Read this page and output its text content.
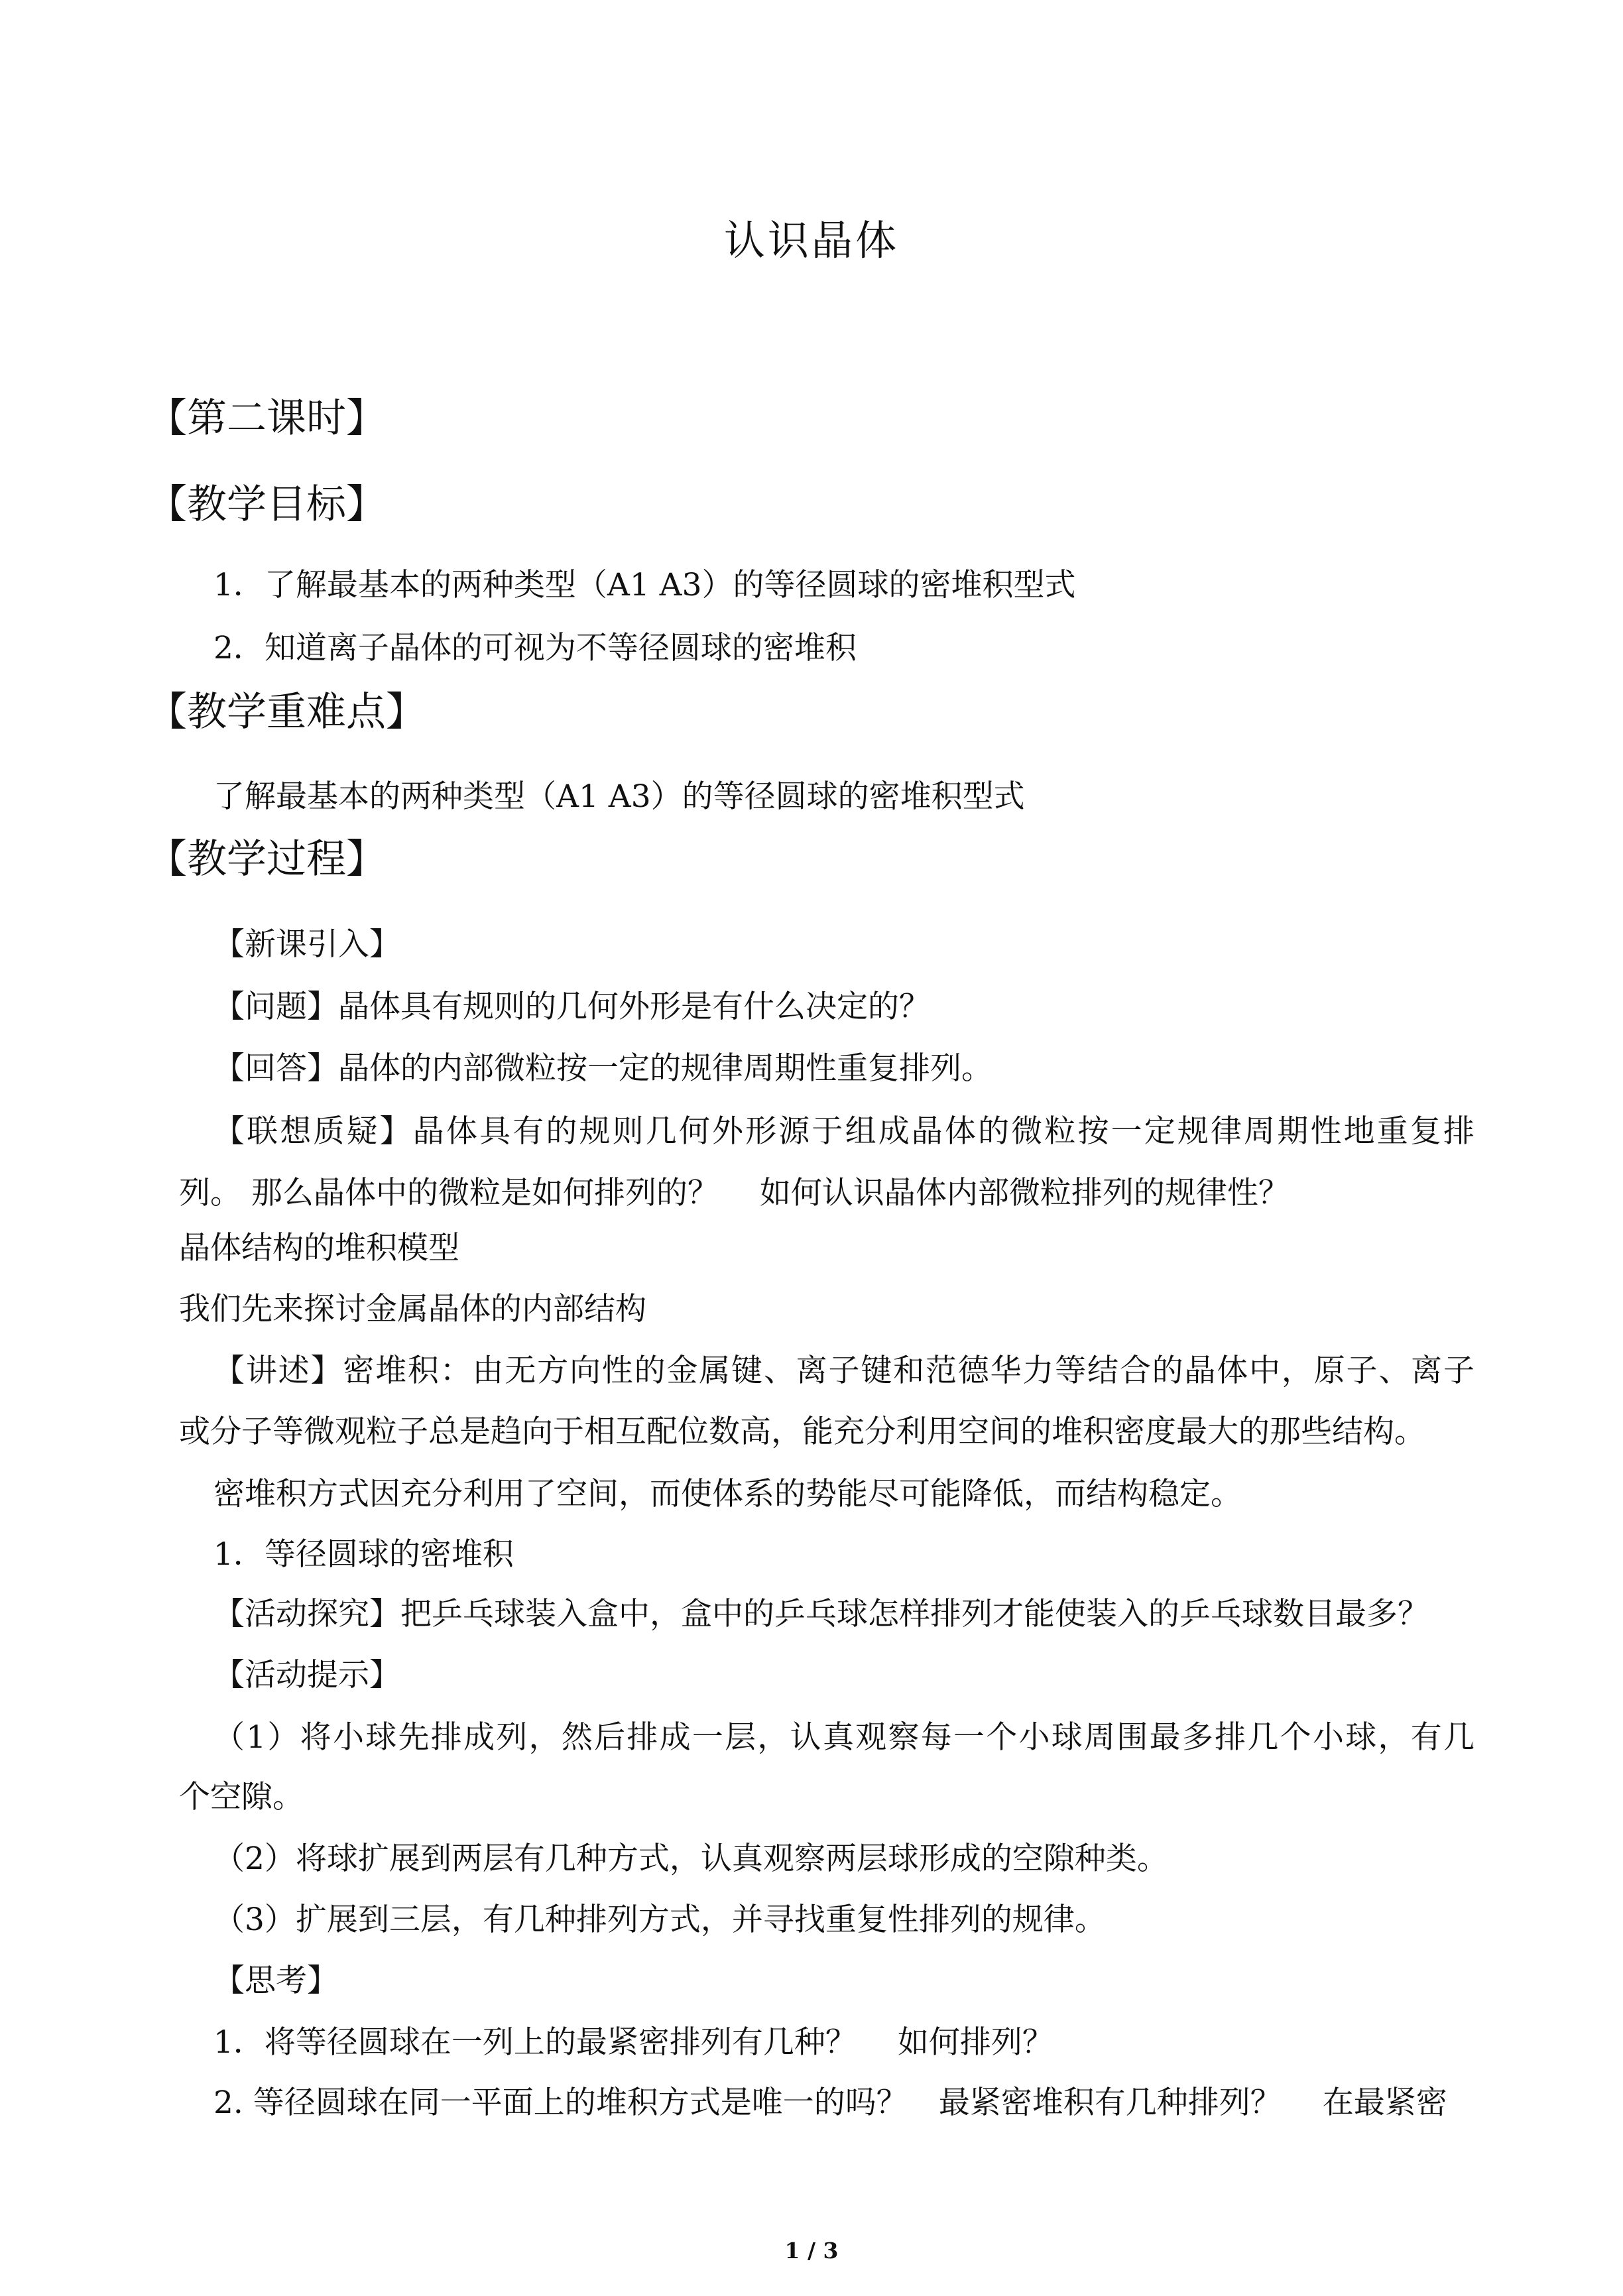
认识晶体
【第二课时】
【教学目标】
1．了解最基本的两种类型（A1 A3）的等径圆球的密堆积型式
2．知道离子晶体的可视为不等径圆球的密堆积
【教学重难点】
了解最基本的两种类型（A1 A3）的等径圆球的密堆积型式
【教学过程】
【新课引入】
【问题】晶体具有规则的几何外形是有什么决定的？
【回答】晶体的内部微粒按一定的规律周期性重复排列。
【联想质疑】晶体具有的规则几何外形源于组成晶体的微粒按一定规律周期性地重复排
列。 那么晶体中的微粒是如何排列的？　 如何认识晶体内部微粒排列的规律性？
晶体结构的堆积模型
我们先来探讨金属晶体的内部结构
【讲述】密堆积：由无方向性的金属键、离子键和范德华力等结合的晶体中，原子、离子
或分子等微观粒子总是趋向于相互配位数高，能充分利用空间的堆积密度最大的那些结构。
密堆积方式因充分利用了空间，而使体系的势能尽可能降低，而结构稳定。
1．等径圆球的密堆积
【活动探究】把乒乓球装入盒中，盒中的乒乓球怎样排列才能使装入的乒乓球数目最多？
【活动提示】
（1）将小球先排成列，然后排成一层，认真观察每一个小球周围最多排几个小球，有几
个空隙。
（2）将球扩展到两层有几种方式，认真观察两层球形成的空隙种类。
（3）扩展到三层，有几种排列方式，并寻找重复性排列的规律。
【思考】
1．将等径圆球在一列上的最紧密排列有几种？　 如何排列？
2. 等径圆球在同一平面上的堆积方式是唯一的吗？　最紧密堆积有几种排列？　 在最紧密
1 / 3
